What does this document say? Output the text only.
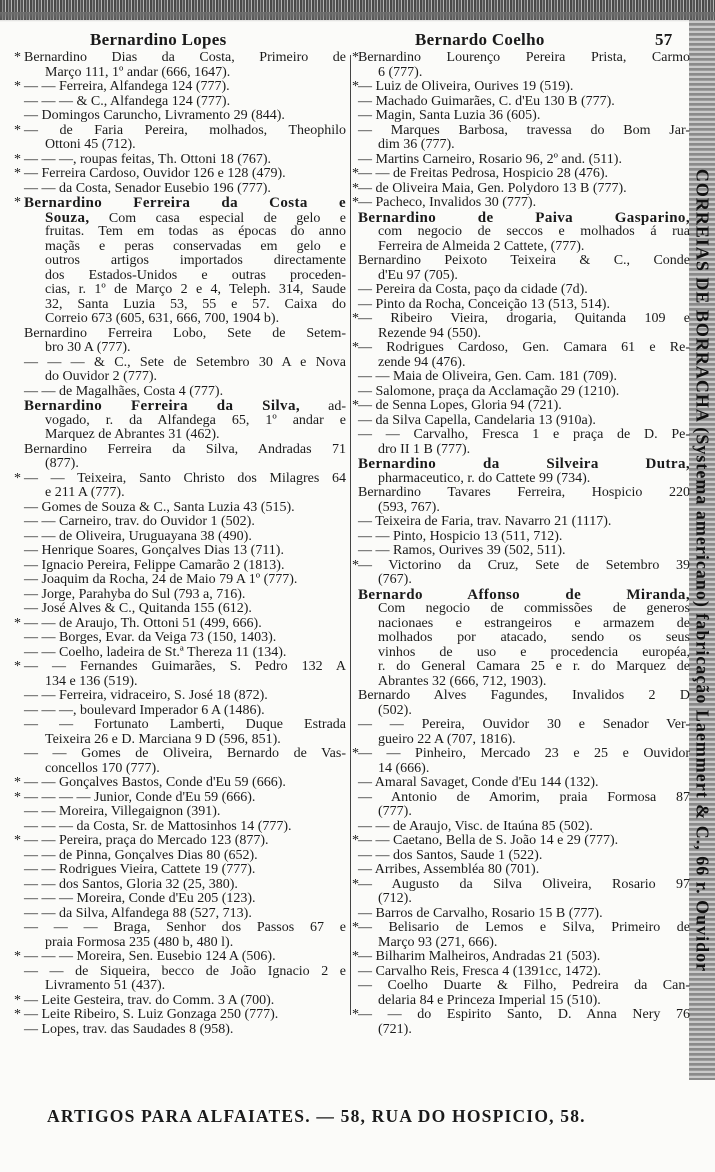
CORREIAS DE BORRACHA (Systema americano) fabricação Laemmert & C., 66 r. Ouvidor
Bernardino Lopes	Bernardo Coelho	57
* Bernardino Dias da Costa, Primeiro de
Março 111, 1º andar (666, 1647).
* — — Ferreira, Alfandega 124 (777).
— — — & C., Alfandega 124 (777).
— Domingos Caruncho, Livramento 29 (844).
* — de Faria Pereira, molhados, Theophilo
Ottoni 45 (712).
* — — —, roupas feitas, Th. Ottoni 18 (767).
* — Ferreira Cardoso, Ouvidor 126 e 128 (479).
— — da Costa, Senador Eusebio 196 (777).
* Bernardino Ferreira da Costa e
Souza, Com casa especial de gelo e
fruitas. Tem em todas as épocas do anno
maçãs e peras conservadas em gelo e
outros artigos importados directamente
dos Estados-Unidos e outras proceden-
cias, r. 1º de Março 2 e 4, Teleph. 314, Saude
32, Santa Luzia 53, 55 e 57. Caixa do
Correio 673 (605, 631, 666, 700, 1904 b).
Bernardino Ferreira Lobo, Sete de Setem-
bro 30 A (777).
— — — & C., Sete de Setembro 30 A e Nova
do Ouvidor 2 (777).
— — de Magalhães, Costa 4 (777).
Bernardino Ferreira da Silva, ad-
vogado, r. da Alfandega 65, 1º andar e
Marquez de Abrantes 31 (462).
Bernardino Ferreira da Silva, Andradas 71
(877).
* — — Teixeira, Santo Christo dos Milagres 64
e 211 A (777).
— Gomes de Souza & C., Santa Luzia 43 (515).
— — Carneiro, trav. do Ouvidor 1 (502).
— — de Oliveira, Uruguayana 38 (490).
— Henrique Soares, Gonçalves Dias 13 (711).
— Ignacio Pereira, Felippe Camarão 2 (1813).
— Joaquim da Rocha, 24 de Maio 79 A 1º (777).
— Jorge, Parahyba do Sul (793 a, 716).
— José Alves & C., Quitanda 155 (612).
* — — de Araujo, Th. Ottoni 51 (499, 666).
— — Borges, Evar. da Veiga 73 (150, 1403).
— — Coelho, ladeira de St.ª Thereza 11 (134).
* — — Fernandes Guimarães, S. Pedro 132 A
134 e 136 (519).
— — Ferreira, vidraceiro, S. José 18 (872).
— — —, boulevard Imperador 6 A (1486).
— — Fortunato Lamberti, Duque Estrada
Teixeira 26 e D. Marciana 9 D (596, 851).
— — Gomes de Oliveira, Bernardo de Vas-
concellos 170 (777).
* — — Gonçalves Bastos, Conde d'Eu 59 (666).
* — — — — Junior, Conde d'Eu 59 (666).
— — Moreira, Villegaignon (391).
— — — da Costa, Sr. de Mattosinhos 14 (777).
* — — Pereira, praça do Mercado 123 (877).
— — de Pinna, Gonçalves Dias 80 (652).
— — Rodrigues Vieira, Cattete 19 (777).
— — dos Santos, Gloria 32 (25, 380).
— — — Moreira, Conde d'Eu 205 (123).
— — da Silva, Alfandega 88 (527, 713).
— — — Braga, Senhor dos Passos 67 e
praia Formosa 235 (480 b, 480 l).
* — — — Moreira, Sen. Eusebio 124 A (506).
— — de Siqueira, becco de João Ignacio 2 e
Livramento 51 (437).
* — Leite Gesteira, trav. do Comm. 3 A (700).
* — Leite Ribeiro, S. Luiz Gonzaga 250 (777).
— Lopes, trav. das Saudades 8 (958).
* Bernardino Lourenço Pereira Prista, Carmo
6 (777).
* — Luiz de Oliveira, Ourives 19 (519).
— Machado Guimarães, C. d'Eu 130 B (777).
— Magin, Santa Luzia 36 (605).
— Marques Barbosa, travessa do Bom Jar-
dim 36 (777).
— Martins Carneiro, Rosario 96, 2º and. (511).
* — — de Freitas Pedrosa, Hospicio 28 (476).
* — de Oliveira Maia, Gen. Polydoro 13 B (777).
* — Pacheco, Invalidos 30 (777).
Bernardino de Paiva Gasparino,
com negocio de seccos e molhados á rua
Ferreira de Almeida 2 Cattete, (777).
Bernardino Peixoto Teixeira & C., Conde
d'Eu 97 (705).
— Pereira da Costa, paço da cidade (7d).
— Pinto da Rocha, Conceição 13 (513, 514).
* — Ribeiro Vieira, drogaria, Quitanda 109 e
Rezende 94 (550).
* — Rodrigues Cardoso, Gen. Camara 61 e Re-
zende 94 (476).
— — Maia de Oliveira, Gen. Cam. 181 (709).
— Salomone, praça da Acclamação 29 (1210).
* — de Senna Lopes, Gloria 94 (721).
— da Silva Capella, Candelaria 13 (910a).
— — Carvalho, Fresca 1 e praça de D. Pe-
dro II 1 B (777).
Bernardino da Silveira Dutra,
pharmaceutico, r. do Cattete 99 (734).
Bernardino Tavares Ferreira, Hospicio 220
(593, 767).
— Teixeira de Faria, trav. Navarro 21 (1117).
— — Pinto, Hospicio 13 (511, 712).
— — Ramos, Ourives 39 (502, 511).
* — Victorino da Cruz, Sete de Setembro 39
(767).
Bernardo Affonso de Miranda,
Com negocio de commissões de generos
nacionaes e estrangeiros e armazem de
molhados por atacado, sendo os seus
vinhos de uso e procedencia européa,
r. do General Camara 25 e r. do Marquez de
Abrantes 32 (666, 712, 1903).
Bernardo Alves Fagundes, Invalidos 2 D
(502).
— — Pereira, Ouvidor 30 e Senador Ver-
gueiro 22 A (707, 1816).
* — — Pinheiro, Mercado 23 e 25 e Ouvidor
14 (666).
— Amaral Savaget, Conde d'Eu 144 (132).
— Antonio de Amorim, praia Formosa 87
(777).
— — de Araujo, Visc. de Itaúna 85 (502).
* — — Caetano, Bella de S. João 14 e 29 (777).
— — dos Santos, Saude 1 (522).
— Arribes, Assembléa 80 (701).
* — Augusto da Silva Oliveira, Rosario 97
(712).
— Barros de Carvalho, Rosario 15 B (777).
* — Belisario de Lemos e Silva, Primeiro de
Março 93 (271, 666).
* — Bilharim Malheiros, Andradas 21 (503).
— Carvalho Reis, Fresca 4 (1391cc, 1472).
— Coelho Duarte & Filho, Pedreira da Can-
delaria 84 e Princeza Imperial 15 (510).
* — — do Espirito Santo, D. Anna Nery 76
(721).
ARTIGOS PARA ALFAIATES. — 58, RUA DO HOSPICIO, 58.
